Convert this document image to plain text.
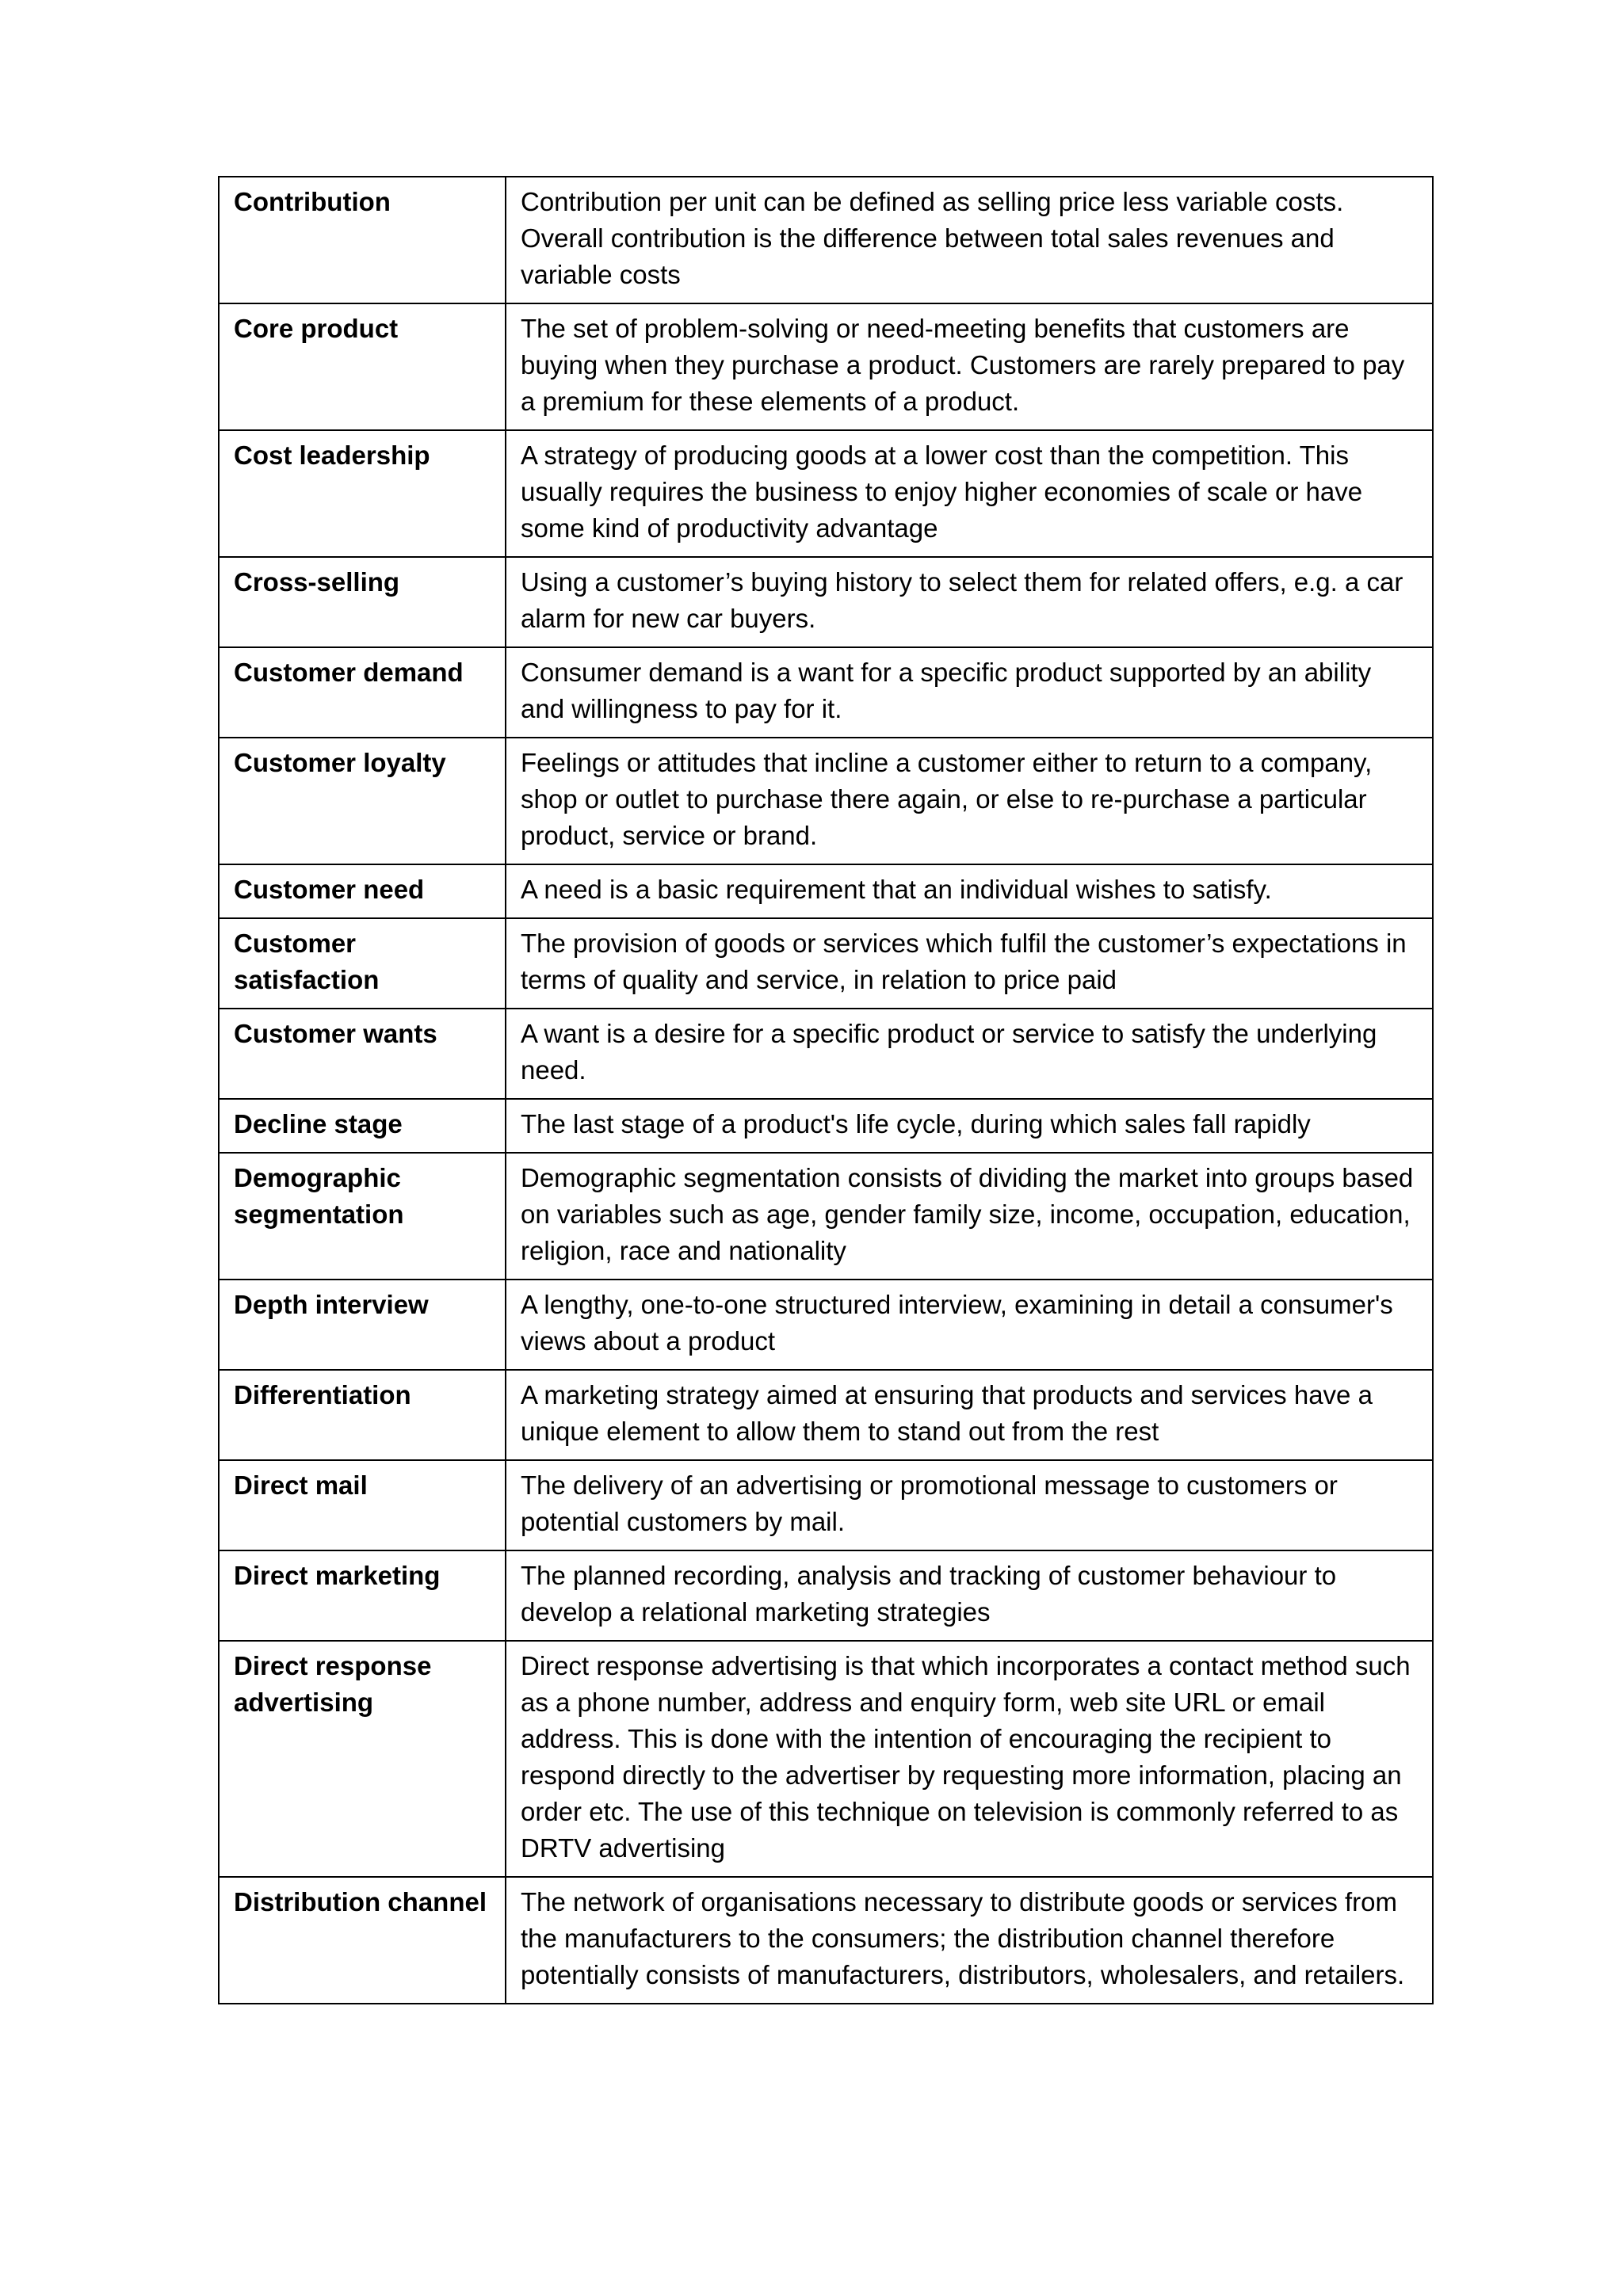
Contribution	Contribution per unit can be defined as selling price less variable costs. Overall contribution is the difference between total sales revenues and variable costs
Core product	The set of problem-solving or need-meeting benefits that customers are buying when they purchase a product. Customers are rarely prepared to pay a premium for these elements of a product.
Cost leadership	A strategy of producing goods at a lower cost than the competition. This usually requires the business to enjoy higher economies of scale or have some kind of productivity advantage
Cross-selling	Using a customer’s buying history to select them for related offers, e.g. a car alarm for new car buyers.
Customer demand	Consumer demand is a want for a specific product supported by an ability and willingness to pay for it.
Customer loyalty	Feelings or attitudes that incline a customer either to return to a company, shop or outlet to purchase there again, or else to re-purchase a particular product, service or brand.
Customer need	A need is a basic requirement that an individual wishes to satisfy.
Customer satisfaction	The provision of goods or services which fulfil the customer’s expectations in terms of quality and service, in relation to price paid
Customer wants	A want is a desire for a specific product or service to satisfy the underlying need.
Decline stage	The last stage of a product's life cycle, during which sales fall rapidly
Demographic segmentation	Demographic segmentation consists of dividing the market into groups based on variables such as age, gender family size, income, occupation, education, religion, race and nationality
Depth interview	A lengthy, one-to-one structured interview, examining in detail a consumer's views about a product
Differentiation	A marketing strategy aimed at ensuring that products and services have a unique element to allow them to stand out from the rest
Direct mail	The delivery of an advertising or promotional message to customers or potential customers by mail.
Direct marketing	The planned recording, analysis and tracking of customer behaviour to develop a relational marketing strategies
Direct response advertising	Direct response advertising is that which incorporates a contact method such as a phone number, address and enquiry form, web site URL or email address. This is done with the intention of encouraging the recipient to respond directly to the advertiser by requesting more information, placing an order etc. The use of this technique on television is commonly referred to as DRTV advertising
Distribution channel	The network of organisations necessary to distribute goods or services from the manufacturers to the consumers; the distribution channel therefore potentially consists of manufacturers, distributors, wholesalers, and retailers.
